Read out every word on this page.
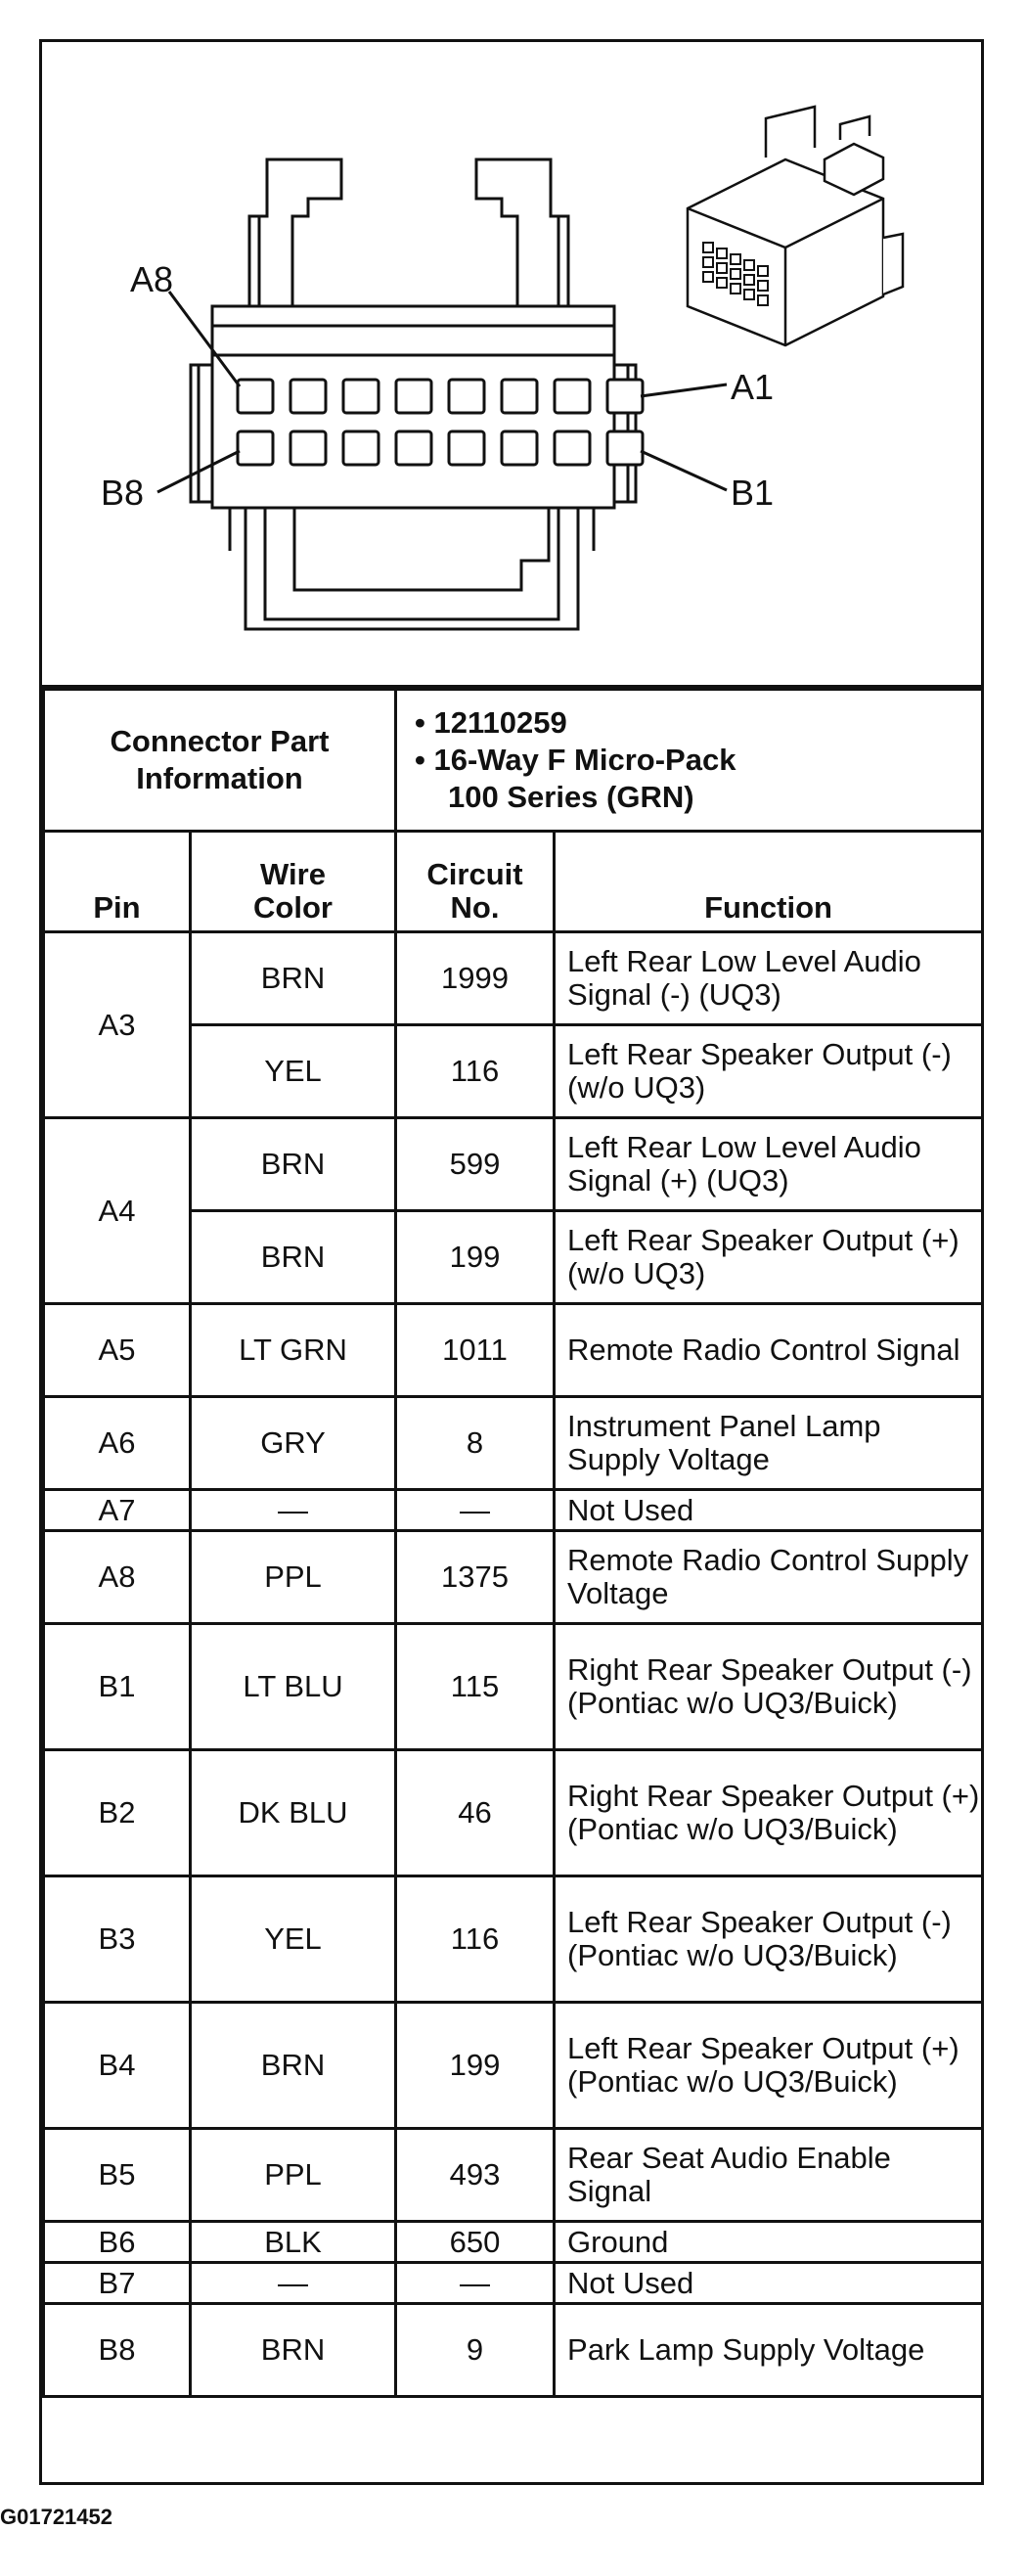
A8
A1
B8	B1
Connector Part Information		• 12110259
• 16-Way F Micro-Pack
100 Series (GRN)	

Pin	Wire Color	Circuit No.	Function
A3	BRN	1999	Left Rear Low Level Audio Signal (-) (UQ3)
	YEL	116	Left Rear Speaker Output (-) (w/o UQ3)
A4	BRN	599	Left Rear Low Level Audio Signal (+) (UQ3)
	BRN	199	Left Rear Speaker Output (+) (w/o UQ3)
A5	LT GRN	1011	Remote Radio Control Signal
A6	GRY	8	Instrument Panel Lamp Supply Voltage
A7	—	—	Not Used
A8	PPL	1375	Remote Radio Control Supply Voltage
B1	LT BLU	115	Right Rear Speaker Output (-) (Pontiac w/o UQ3/Buick)
B2	DK BLU	46	Right Rear Speaker Output (+) (Pontiac w/o UQ3/Buick)
B3	YEL	116	Left Rear Speaker Output (-) (Pontiac w/o UQ3/Buick)
B4	BRN	199	Left Rear Speaker Output (+) (Pontiac w/o UQ3/Buick)
B5	PPL	493	Rear Seat Audio Enable Signal
B6	BLK	650	Ground
B7	—	—	Not Used
B8	BRN	9	Park Lamp Supply Voltage
G01721452
